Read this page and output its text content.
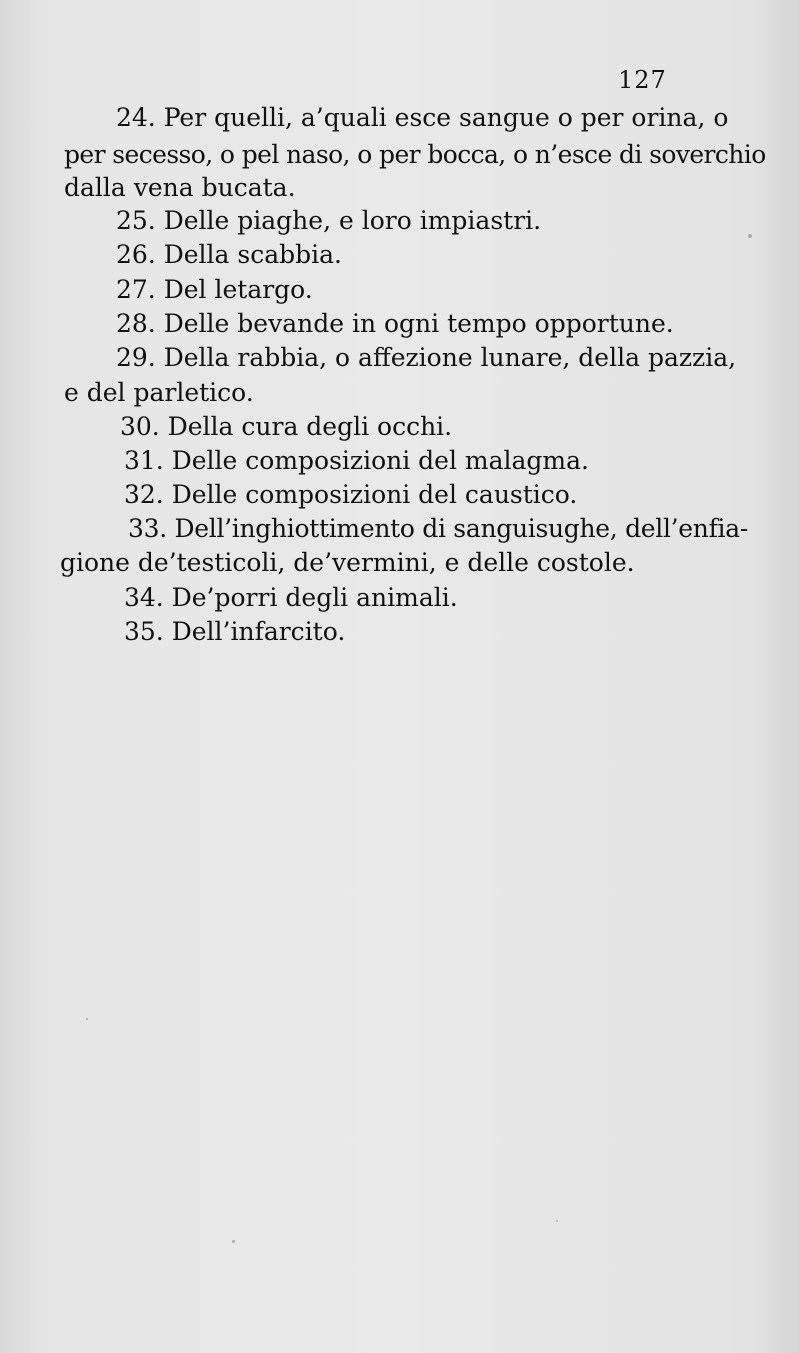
127
24. Per quelli, a’quali esce sangue o per orina, o
per secesso, o pel naso, o per bocca, o n’esce di soverchio
dalla vena bucata.
25. Delle piaghe, e loro impiastri.
26. Della scabbia.
27. Del letargo.
28. Delle bevande in ogni tempo opportune.
29. Della rabbia, o affezione lunare, della pazzia,
e del parletico.
30. Della cura degli occhi.
31. Delle composizioni del malagma.
32. Delle composizioni del caustico.
33. Dell’inghiottimento di sanguisughe, dell’enfia-
gione de’testicoli, de’vermini, e delle costole.
34. De’porri degli animali.
35. Dell’infarcito.
